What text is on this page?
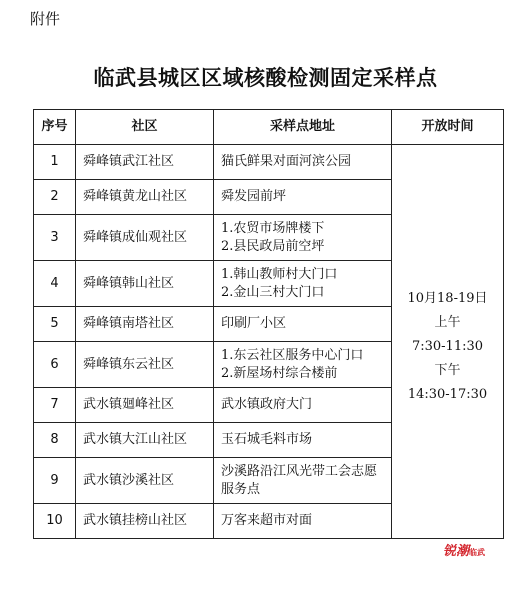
附件
临武县城区区域核酸检测固定采样点
序号	社区	采样点地址	开放时间
1	舜峰镇武江社区	猫氏鲜果对面河滨公园	10月18-19日
上午
7:30-11:30
下午
14:30-17:30

2	舜峰镇黄龙山社区	舜发园前坪	

3	舜峰镇成仙观社区	1.农贸市场牌楼下
2.县民政局前空坪	

4	舜峰镇韩山社区	1.韩山教师村大门口
2.金山三村大门口	

5	舜峰镇南塔社区	印刷厂小区	

6	舜峰镇东云社区	1.东云社区服务中心门口
2.新屋场村综合楼前	

7	武水镇廻峰社区	武水镇政府大门	

8	武水镇大江山社区	玉石城毛料市场	

9	武水镇沙溪社区	沙溪路沿江风光带工会志愿服务点	

10	武水镇挂榜山社区	万客来超市对面	
锐潮临武
